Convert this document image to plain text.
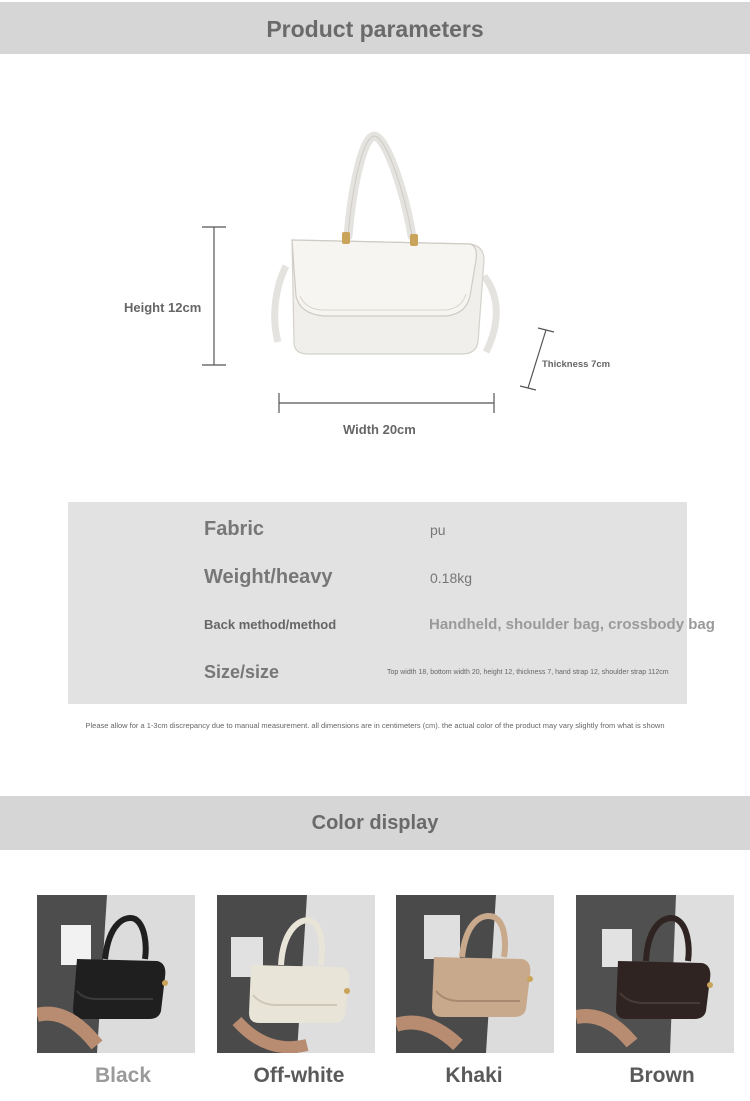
Product parameters
Height 12cm
Width 20cm
Thickness 7cm
Fabric	pu
Weight/heavy	0.18kg
Back method/method	Handheld, shoulder bag, crossbody bag
Size/size	Top width 18, bottom width 20, height 12, thickness 7, hand strap 12, shoulder strap 112cm
Please allow for a 1-3cm discrepancy due to manual measurement. all dimensions are in centimeters (cm). the actual color of the product may vary slightly from what is shown
Color display
Black	Off-white	Khaki	Brown
